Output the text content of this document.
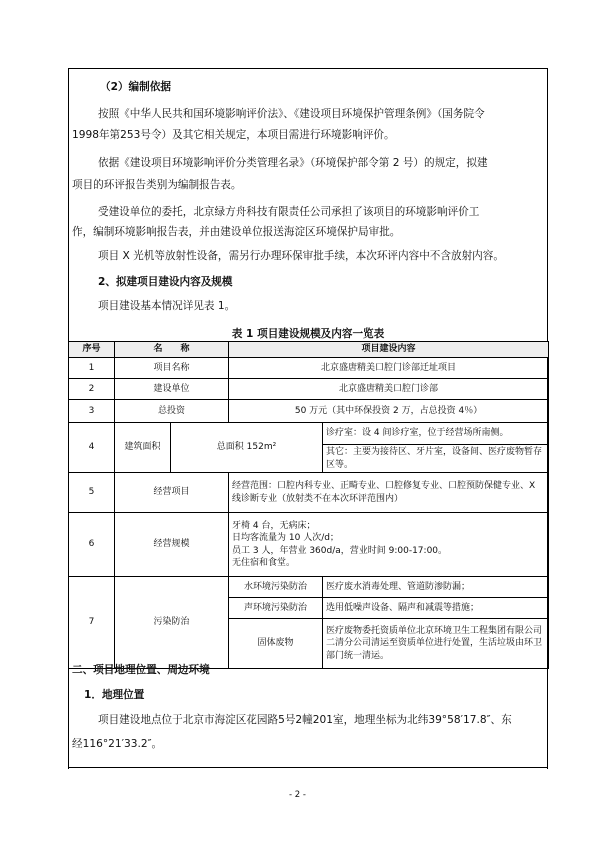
（2）编制依据
按照《中华人民共和国环境影响评价法》、《建设项目环境保护管理条例》（国务院令
1998年第253号令）及其它相关规定，本项目需进行环境影响评价。
依据《建设项目环境影响评价分类管理名录》（环境保护部令第 2 号）的规定，拟建
项目的环评报告类别为编制报告表。
受建设单位的委托，北京绿方舟科技有限责任公司承担了该项目的环境影响评价工
作，编制环境影响报告表，并由建设单位报送海淀区环境保护局审批。
项目 X 光机等放射性设备，需另行办理环保审批手续，本次环评内容中不含放射内容。
2、拟建项目建设内容及规模
项目建设基本情况详见表 1。
表 1 项目建设规模及内容一览表
序号	名　　称		项目建设内容	
1	项目名称		北京盛唐精美口腔门诊部迁址项目	
2	建设单位		北京盛唐精美口腔门诊部	
3	总投资		50 万元（其中环保投资 2 万，占总投资 4％）	
4	建筑面积	总面积 152m²		诊疗室：设 4 间诊疗室，位于经营场所南侧。
				其它：主要为接待区、牙片室，设备间、医疗废物暂存区等。
5	经营项目		经营范围：口腔内科专业、正畸专业、口腔修复专业、口腔预防保健专业、X 线诊断专业（放射类不在本次环评范围内）	
6	经营规模		牙椅 4 台，无病床；
日均客流量为 10 人次/d；
员工 3 人，年营业 360d/a，营业时间 9:00-17:00。
无住宿和食堂。	

7	污染防治		水环境污染防治	医疗废水消毒处理、管道防渗防漏；
			声环境污染防治	选用低噪声设备、隔声和减震等措施；
			固体废物	医疗废物委托资质单位北京环境卫生工程集团有限公司二清分公司清运至资质单位进行处置，生活垃圾由环卫部门统一清运。
二、项目地理位置、周边环境
1．地理位置
项目建设地点位于北京市海淀区花园路5号2幢201室，地理坐标为北纬39°58′17.8″、东
经116°21′33.2″。
- 2 -
